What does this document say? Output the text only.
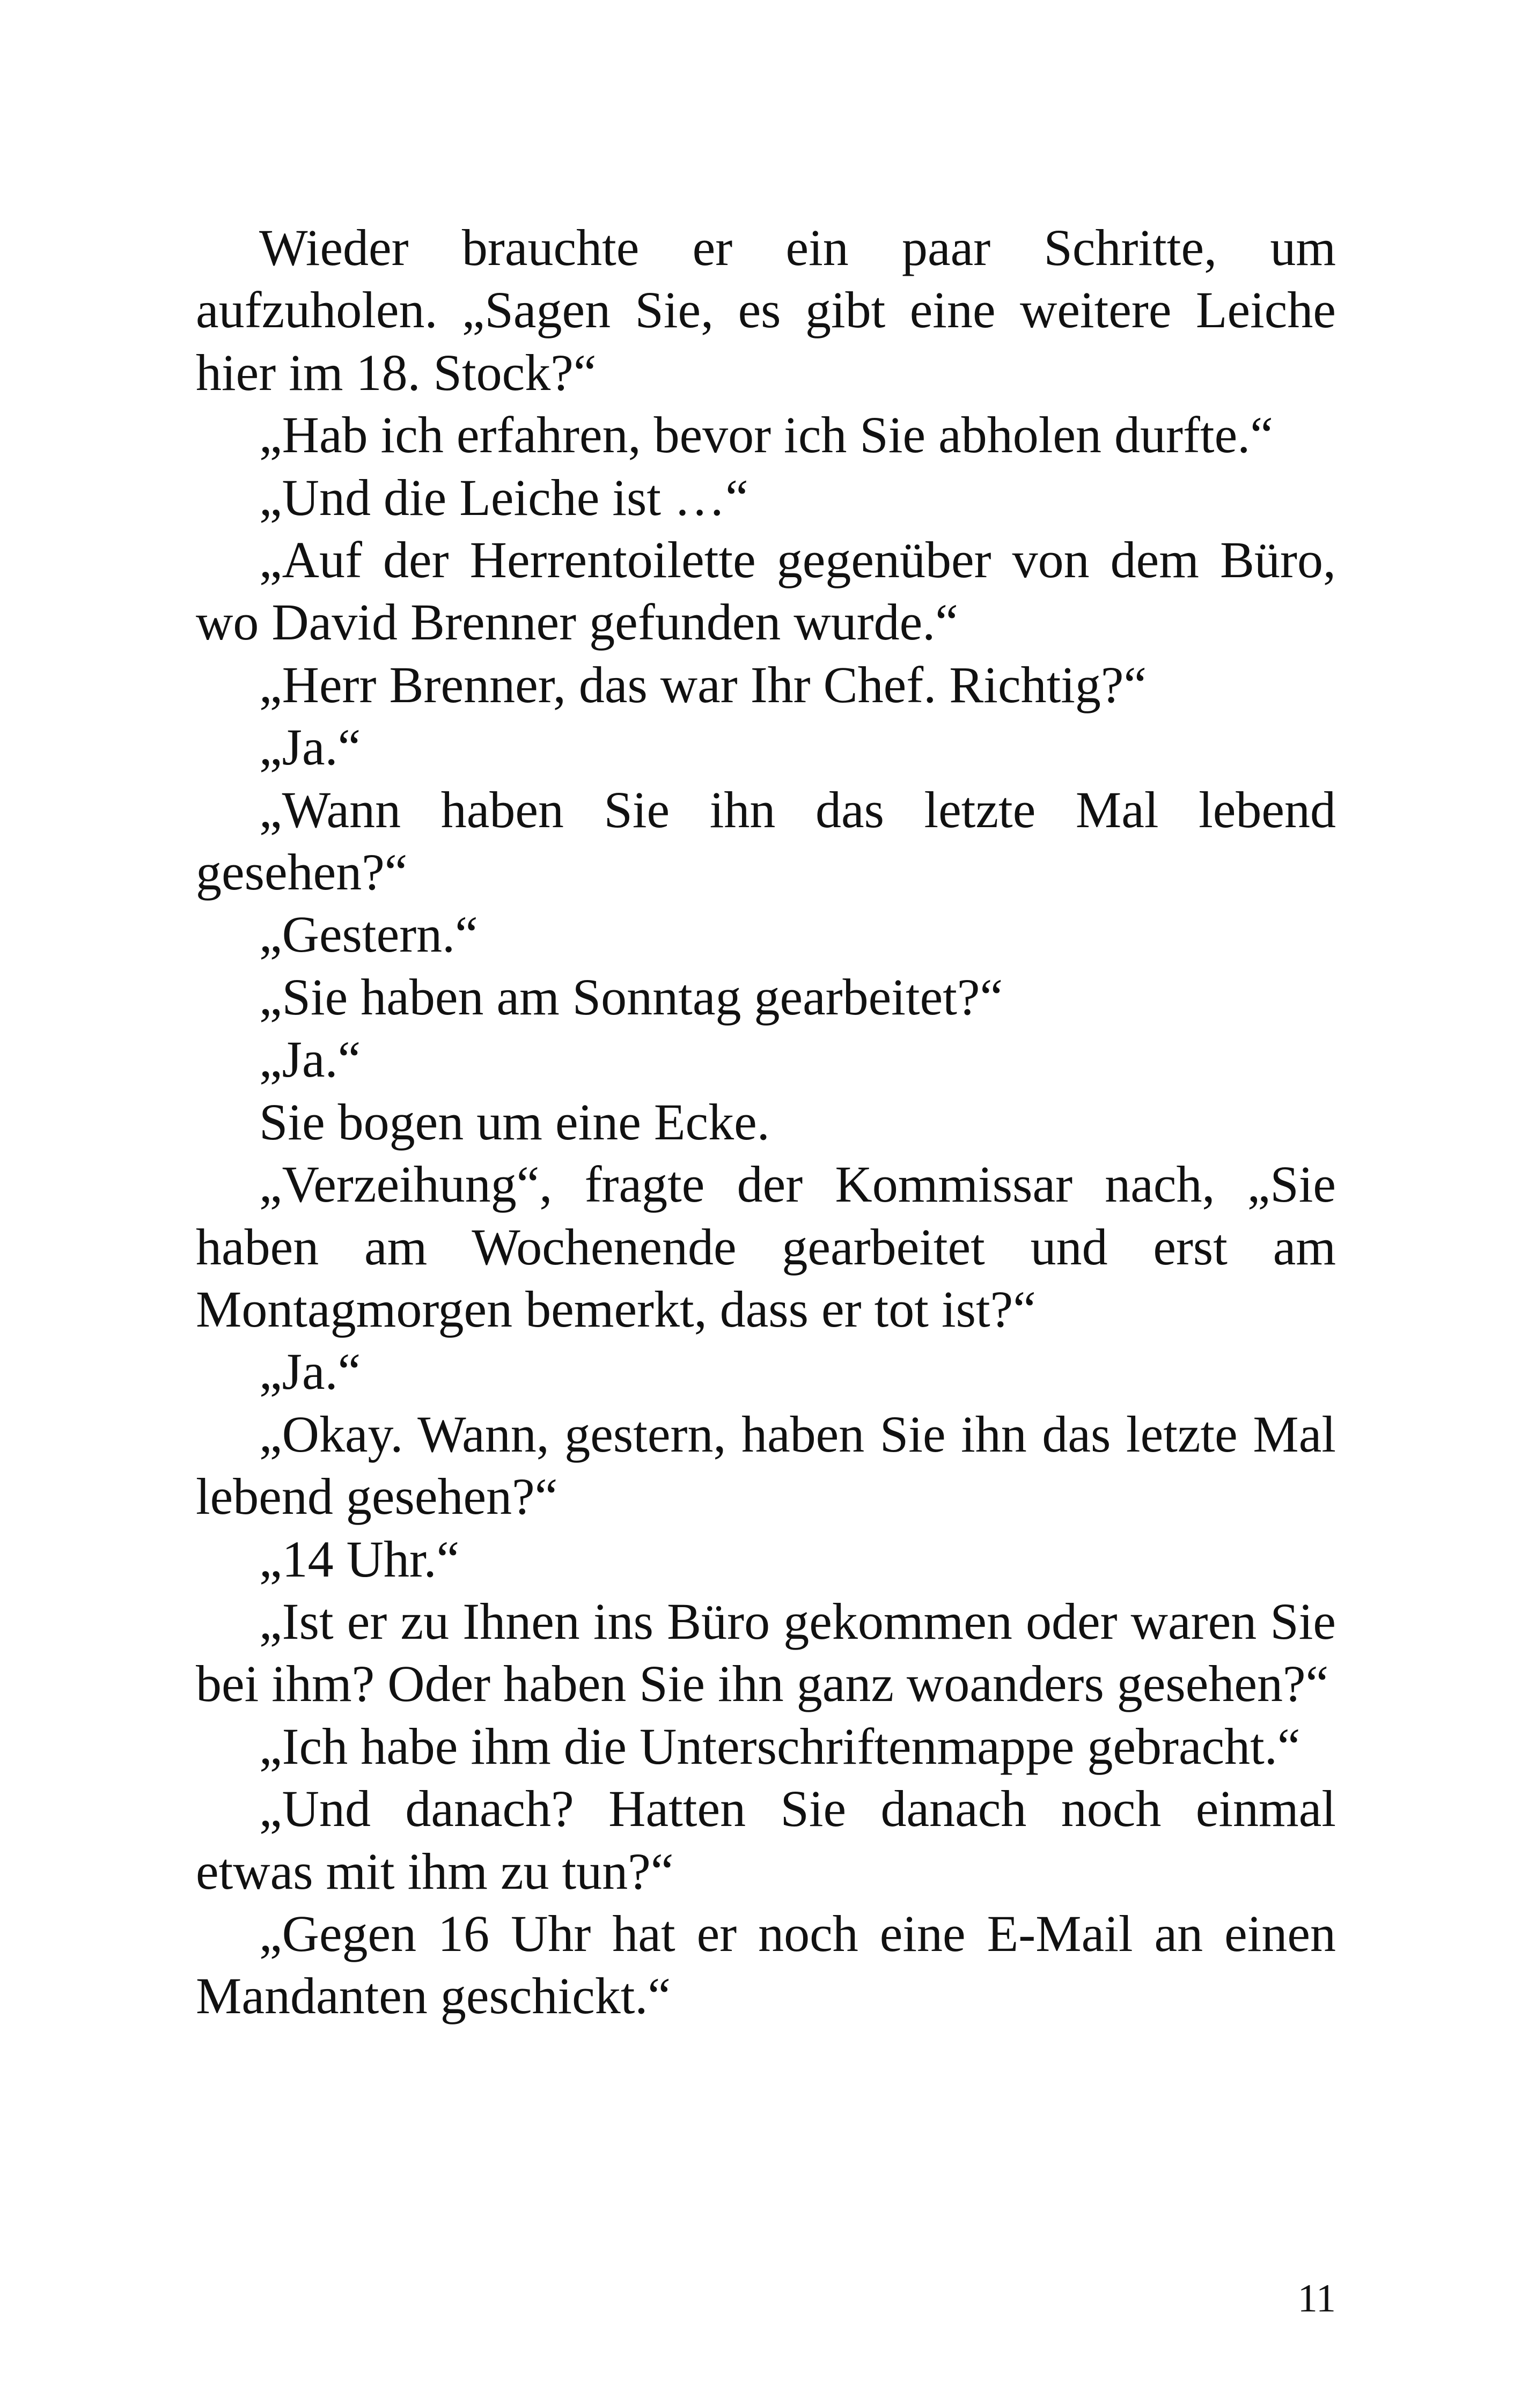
Wieder brauchte er ein paar Schritte, um aufzuholen. „Sagen Sie, es gibt eine weitere Leiche hier im 18. Stock?“

„Hab ich erfahren, bevor ich Sie abholen durfte.“

„Und die Leiche ist …“

„Auf der Herrentoilette gegenüber von dem Büro, wo David Brenner gefunden wurde.“

„Herr Brenner, das war Ihr Chef. Richtig?“

„Ja.“

„Wann haben Sie ihn das letzte Mal lebend gesehen?“

„Gestern.“

„Sie haben am Sonntag gearbeitet?“

„Ja.“

Sie bogen um eine Ecke.

„Verzeihung“, fragte der Kommissar nach, „Sie haben am Wochenende gearbeitet und erst am Montagmorgen bemerkt, dass er tot ist?“

„Ja.“

„Okay. Wann, gestern, haben Sie ihn das letzte Mal lebend gesehen?“

„14 Uhr.“

„Ist er zu Ihnen ins Büro gekommen oder waren Sie bei ihm? Oder haben Sie ihn ganz woanders gesehen?“

„Ich habe ihm die Unterschriftenmappe gebracht.“

„Und danach? Hatten Sie danach noch einmal etwas mit ihm zu tun?“

„Gegen 16 Uhr hat er noch eine E-Mail an einen Mandanten geschickt.“

11
